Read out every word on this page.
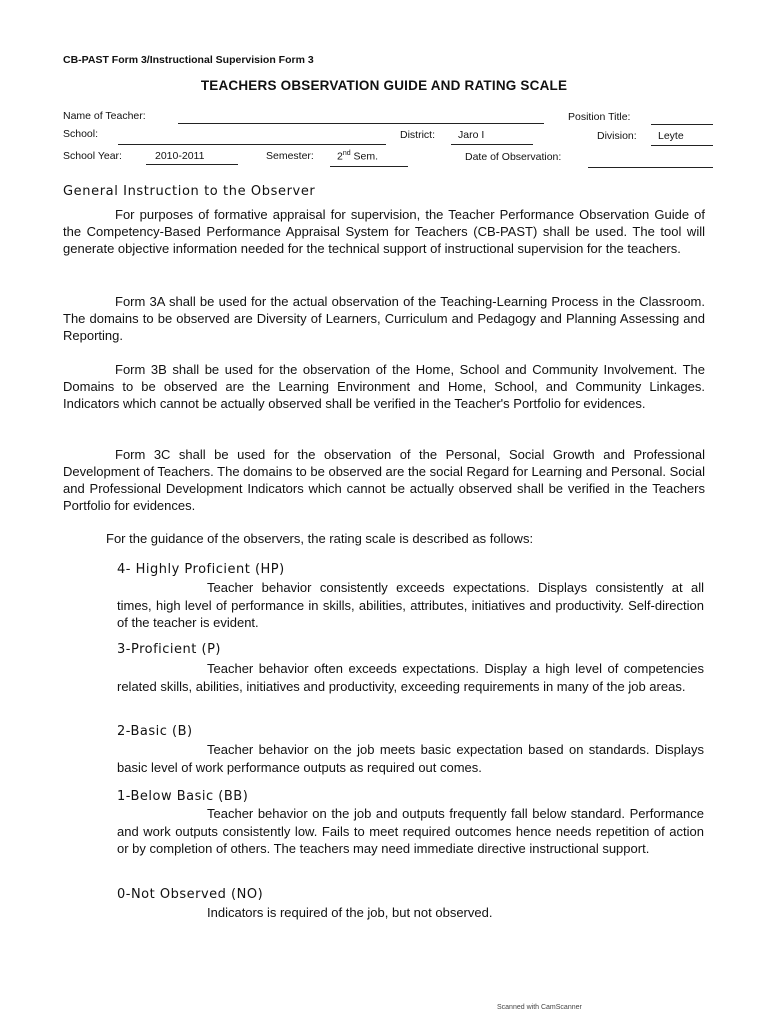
CB-PAST Form 3/Instructional Supervision Form 3
TEACHERS OBSERVATION GUIDE AND RATING SCALE
Name of Teacher:	Position Title:
School:	District: Jaro I	Division: Leyte
School Year:	2010-2011	Semester: 2nd Sem.	Date of Observation:
General Instruction to the Observer
For purposes of formative appraisal for supervision, the Teacher Performance Observation Guide of the Competency-Based Performance Appraisal System for Teachers (CB-PAST) shall be used. The tool will generate objective information needed for the technical support of instructional supervision for the teachers.
Form 3A shall be used for the actual observation of the Teaching-Learning Process in the Classroom. The domains to be observed are Diversity of Learners, Curriculum and Pedagogy and Planning Assessing and Reporting.
Form 3B shall be used for the observation of the Home, School and Community Involvement. The Domains to be observed are the Learning Environment and Home, School, and Community Linkages. Indicators which cannot be actually observed shall be verified in the Teacher's Portfolio for evidences.
Form 3C shall be used for the observation of the Personal, Social Growth and Professional Development of Teachers. The domains to be observed are the social Regard for Learning and Personal. Social and Professional Development Indicators which cannot be actually observed shall be verified in the Teachers Portfolio for evidences.
For the guidance of the observers, the rating scale is described as follows:
4- Highly Proficient (HP)
Teacher behavior consistently exceeds expectations. Displays consistently at all times, high level of performance in skills, abilities, attributes, initiatives and productivity. Self-direction of the teacher is evident.
3-Proficient (P)
Teacher behavior often exceeds expectations. Display a high level of competencies related skills, abilities, initiatives and productivity, exceeding requirements in many of the job areas.
2-Basic (B)
Teacher behavior on the job meets basic expectation based on standards. Displays basic level of work performance outputs as required out comes.
1-Below Basic (BB)
Teacher behavior on the job and outputs frequently fall below standard. Performance and work outputs consistently low. Fails to meet required outcomes hence needs repetition of action or by completion of others. The teachers may need immediate directive instructional support.
0-Not Observed (NO)
Indicators is required of the job, but not observed.
Scanned with CamScanner
